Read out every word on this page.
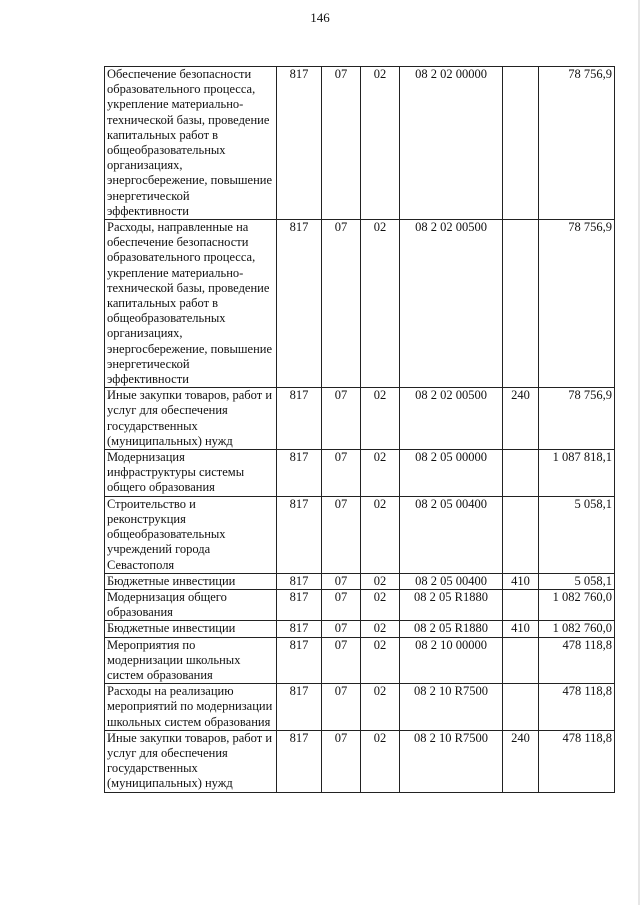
146
Обеспечение безопасности образовательного процесса, укрепление материально-технической базы, проведение капитальных работ в общеобразовательных организациях, энергосбережение, повышение энергетической эффективности	817	07	02	08 2 02 00000		78 756,9
Расходы, направленные на обеспечение безопасности образовательного процесса, укрепление материально-технической базы, проведение капитальных работ в общеобразовательных организациях, энергосбережение, повышение энергетической эффективности	817	07	02	08 2 02 00500		78 756,9
Иные закупки товаров, работ и услуг для обеспечения государственных (муниципальных) нужд	817	07	02	08 2 02 00500	240	78 756,9
Модернизация инфраструктуры системы общего образования	817	07	02	08 2 05 00000		1 087 818,1
Строительство и реконструкция общеобразовательных учреждений города Севастополя	817	07	02	08 2 05 00400		5 058,1
Бюджетные инвестиции	817	07	02	08 2 05 00400	410	5 058,1
Модернизация общего образования	817	07	02	08 2 05 R1880		1 082 760,0
Бюджетные инвестиции	817	07	02	08 2 05 R1880	410	1 082 760,0
Мероприятия по модернизации школьных систем образования	817	07	02	08 2 10 00000		478 118,8
Расходы на реализацию мероприятий по модернизации школьных систем образования	817	07	02	08 2 10 R7500		478 118,8
Иные закупки товаров, работ и услуг для обеспечения государственных (муниципальных) нужд	817	07	02	08 2 10 R7500	240	478 118,8
